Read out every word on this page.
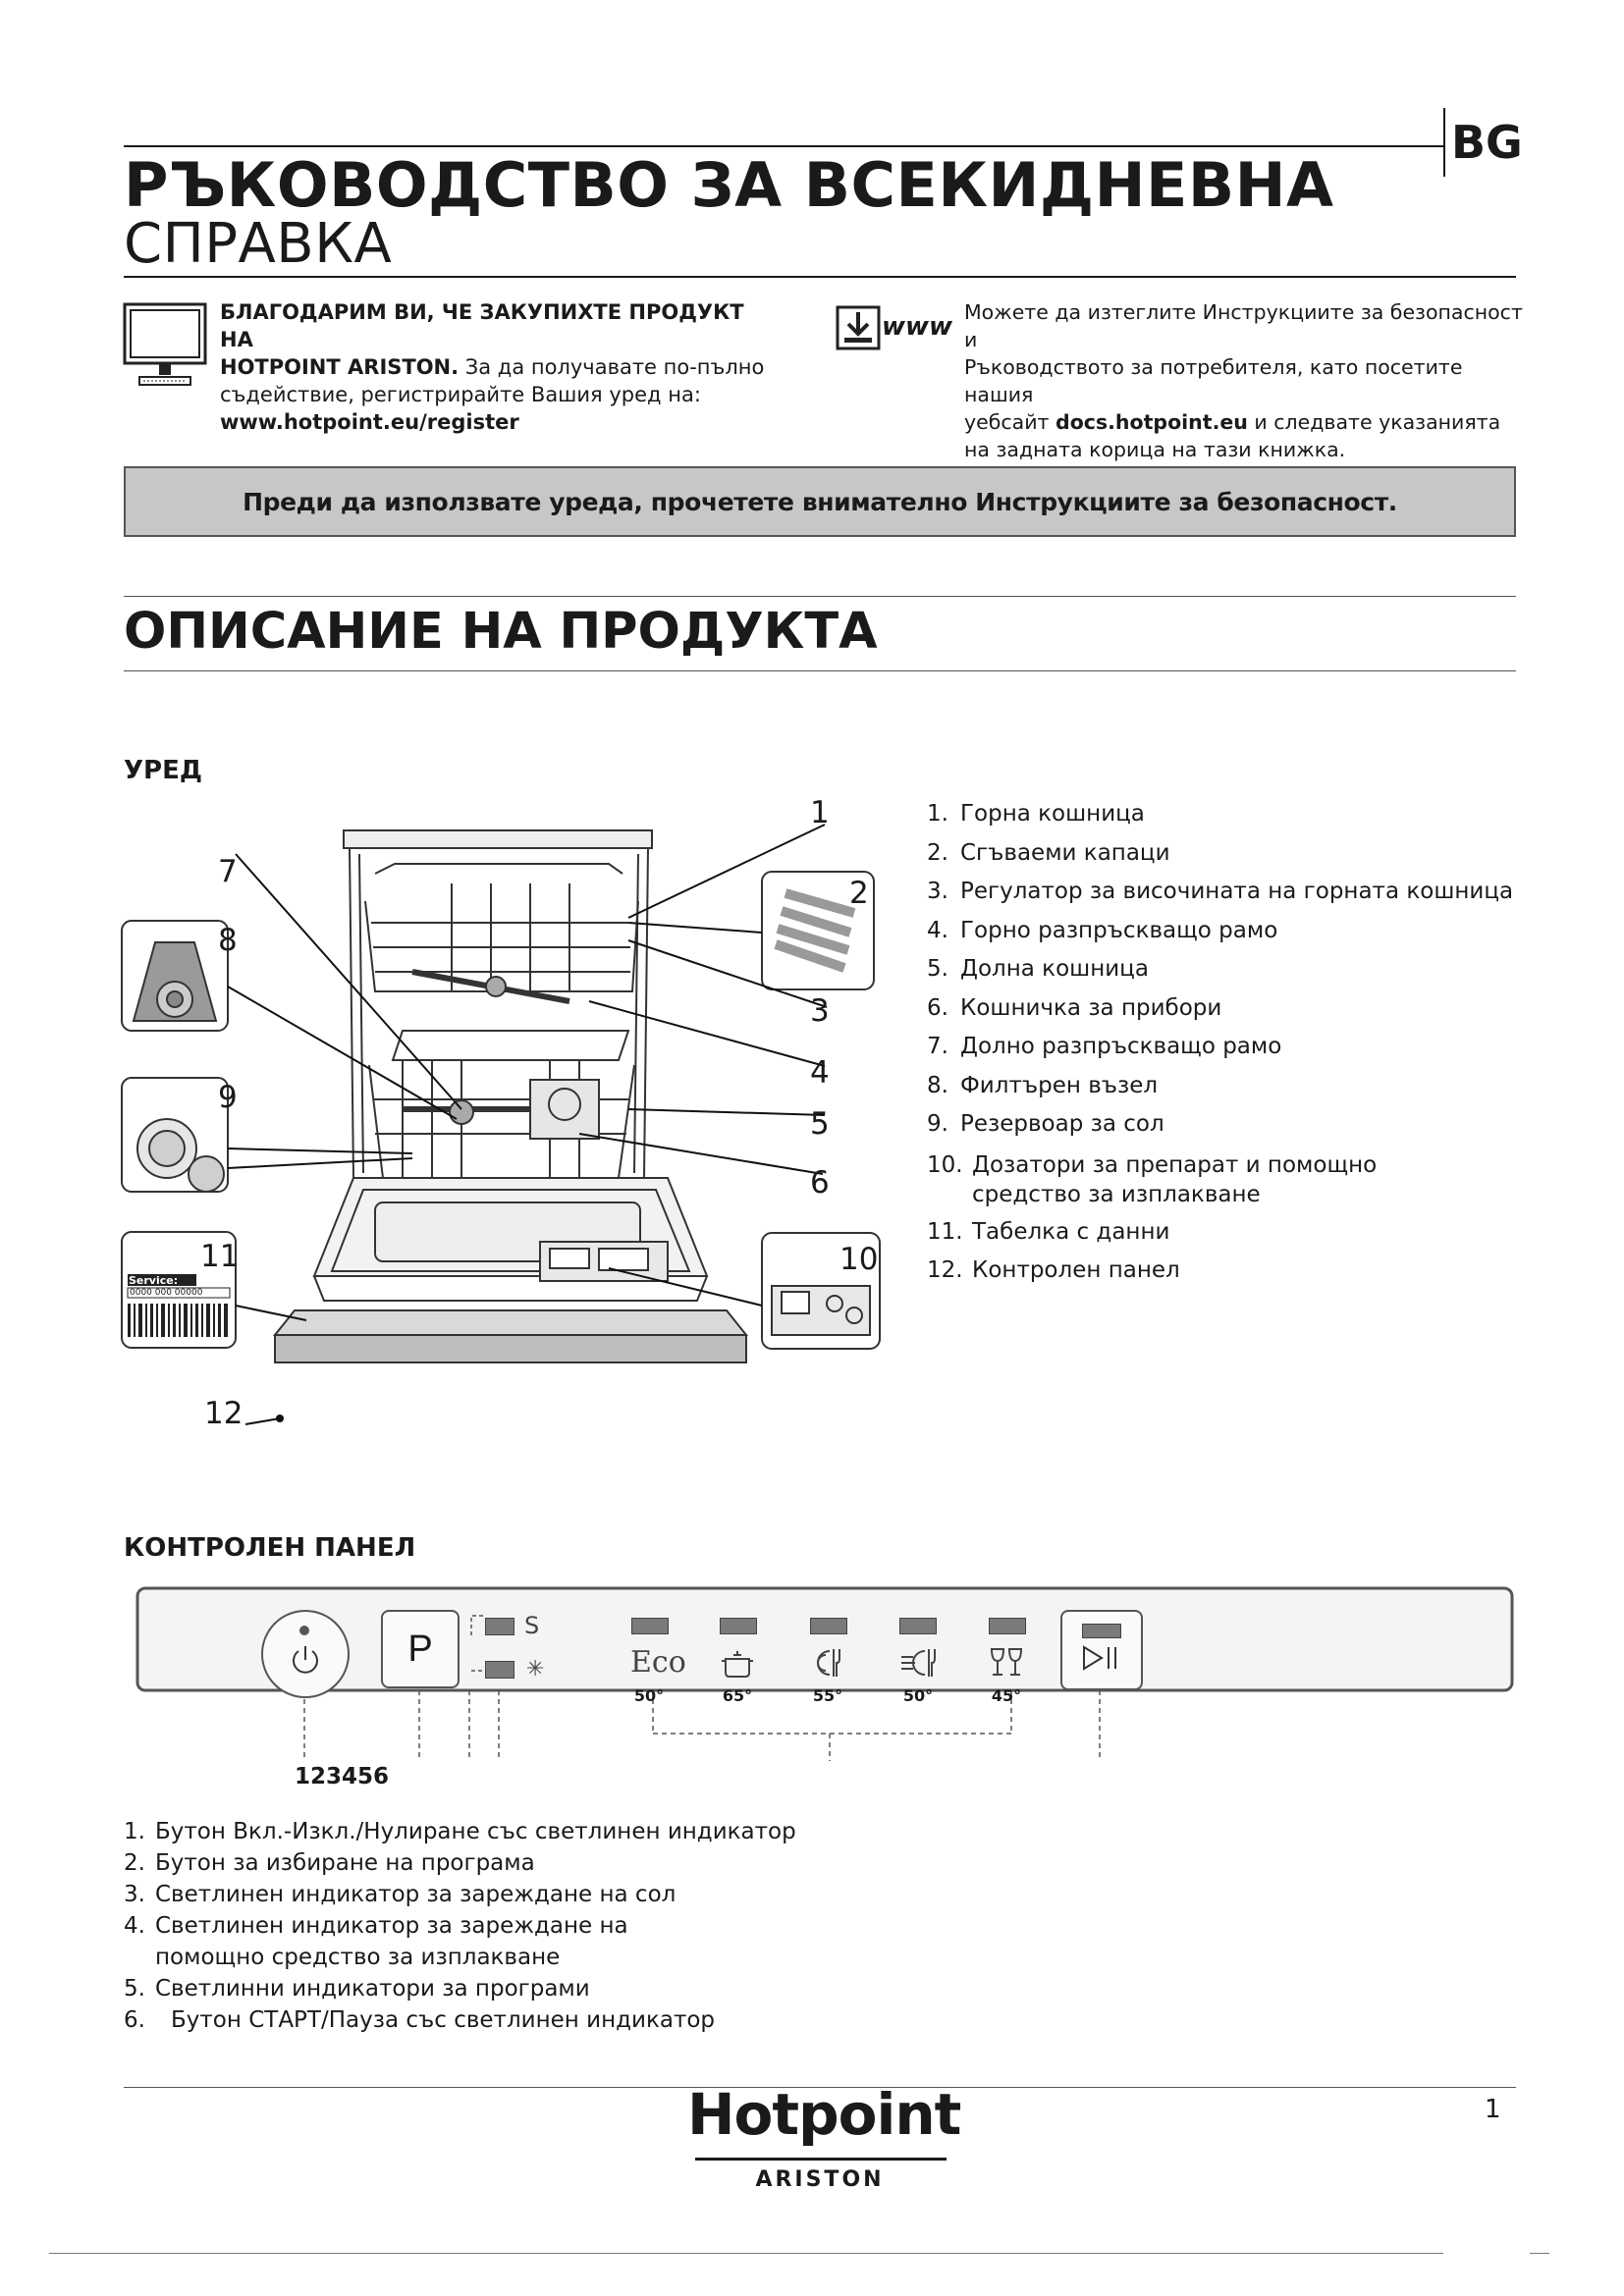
BG
РЪКОВОДСТВО ЗА ВСЕКИДНЕВНА
СПРАВКА
БЛАГОДАРИМ ВИ, ЧЕ ЗАКУПИХТЕ ПРОДУКТ НА
HOTPOINT ARISTON. За да получавате по-пълно
съдействие, регистрирайте Вашия уред на:
www.hotpoint.eu/register
www Можете да изтеглите Инструкциите за безопасност и
Ръководството за потребителя, като посетите нашия
уебсайт docs.hotpoint.eu и следвате указанията
на задната корица на тази книжка.
Преди да използвате уреда, прочетете внимателно Инструкциите за безопасност.
ОПИСАНИЕ НА ПРОДУКТА
УРЕД
1
2
3
4
5
6
7
8
9
10
11
12
Service:
0000 000 00000
1. Горна кошница
2. Сгъваеми капаци
3. Регулатор за височината на горната кошница
4. Горно разпръскващо рамо
5. Долна кошница
6. Кошничка за прибори
7. Долно разпръскващо рамо
8. Филтърен възел
9. Резервоар за сол
10. Дозатори за препарат и помощно средство за изплакване
11. Табелка с данни
12. Контролен панел
КОНТРОЛЕН ПАНЕЛ
P
S
✳	Eco
50°	65°	55°	50°	45°
123456
1. Бутон Вкл.-Изкл./Нулиране със светлинен индикатор
2. Бутон за избиране на програма
3. Светлинен индикатор за зареждане на сол
4. Светлинен индикатор за зареждане на помощно средство за изплакване
5. Светлинни индикатори за програми
6.	Бутон СТАРТ/Пауза със светлинен индикатор
1
Hotpoint
ARISTON
